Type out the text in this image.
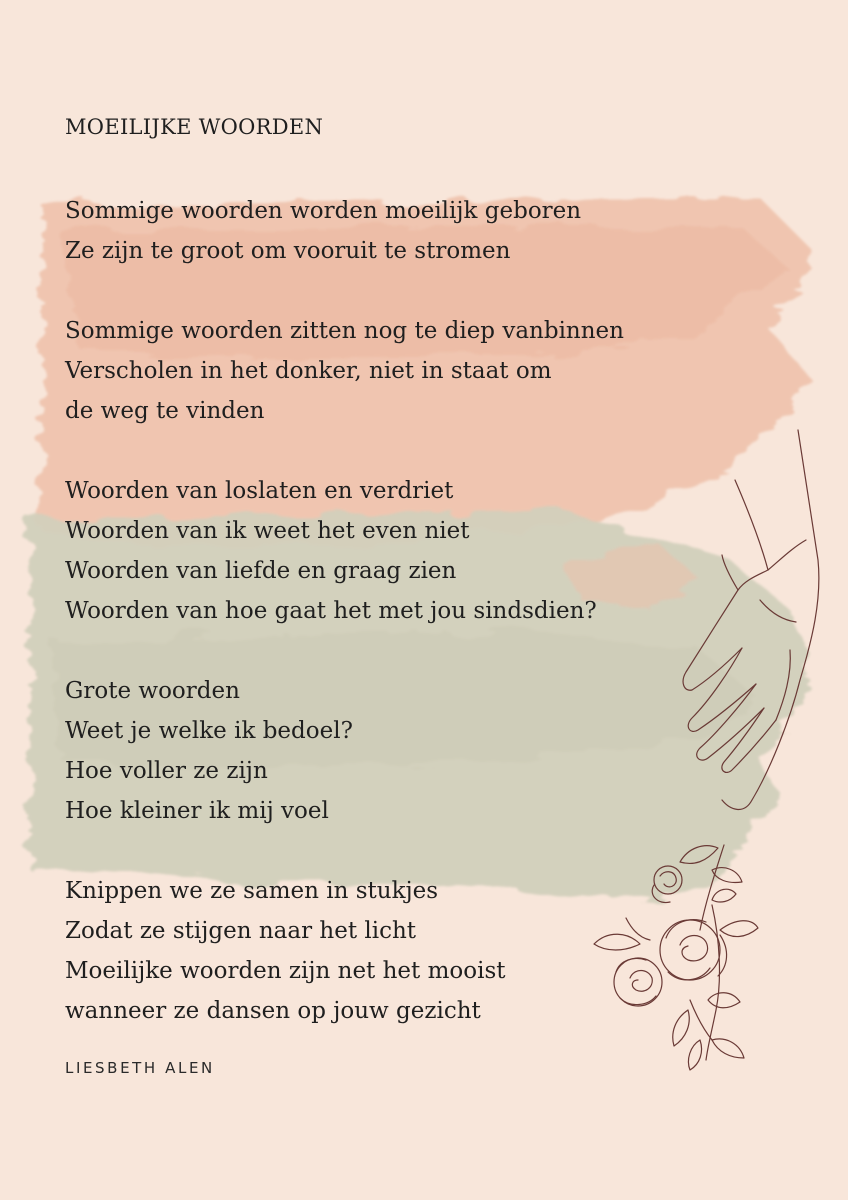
MOEILIJKE WOORDEN
Sommige woorden worden moeilijk geboren
Ze zijn te groot om vooruit te stromen
Sommige woorden zitten nog te diep vanbinnen
Verscholen in het donker, niet in staat om
de weg te vinden
Woorden van loslaten en verdriet
Woorden van ik weet het even niet
Woorden van liefde en graag zien
Woorden van hoe gaat het met jou sindsdien?
Grote woorden
Weet je welke ik bedoel?
Hoe voller ze zijn
Hoe kleiner ik mij voel
Knippen we ze samen in stukjes
Zodat ze stijgen naar het licht
Moeilijke woorden zijn net het mooist
wanneer ze dansen op jouw gezicht
LIESBETH ALEN
